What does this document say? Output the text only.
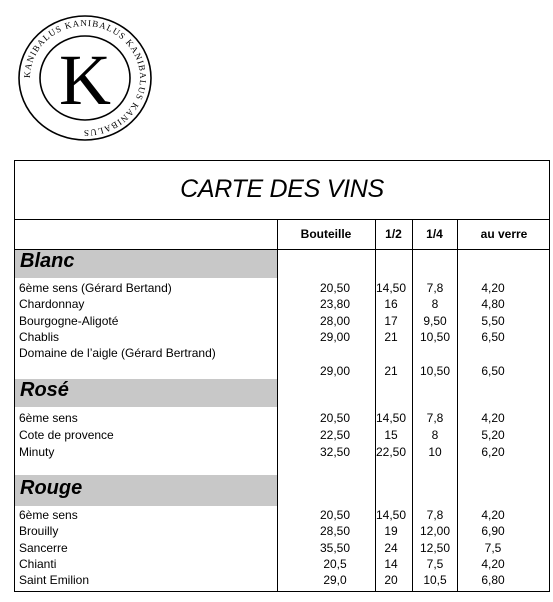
KANIBALUS KANIBALUS KANIBALUS KANIBALUS
K
CARTE DES VINS
Bouteille	1/2	1/4	au verre
Blanc
6ème sens (Gérard Bertand)	20,50	14,50	7,8	4,20
Chardonnay	23,80	16	8	4,80
Bourgogne-Aligoté	28,00	17	9,50	5,50
Chablis	29,00	21	10,50	6,50
Domaine de l’aigle (Gérard Bertrand)
29,00	21	10,50	6,50
Rosé
6ème sens	20,50	14,50	7,8	4,20
Cote de provence	22,50	15	8	5,20
Minuty	32,50	22,50	10	6,20
Rouge
6ème sens	20,50	14,50	7,8	4,20
Brouilly	28,50	19	12,00	6,90
Sancerre	35,50	24	12,50	7,5
Chianti	20,5	14	7,5	4,20
Saint Emilion	29,0	20	10,5	6,80
